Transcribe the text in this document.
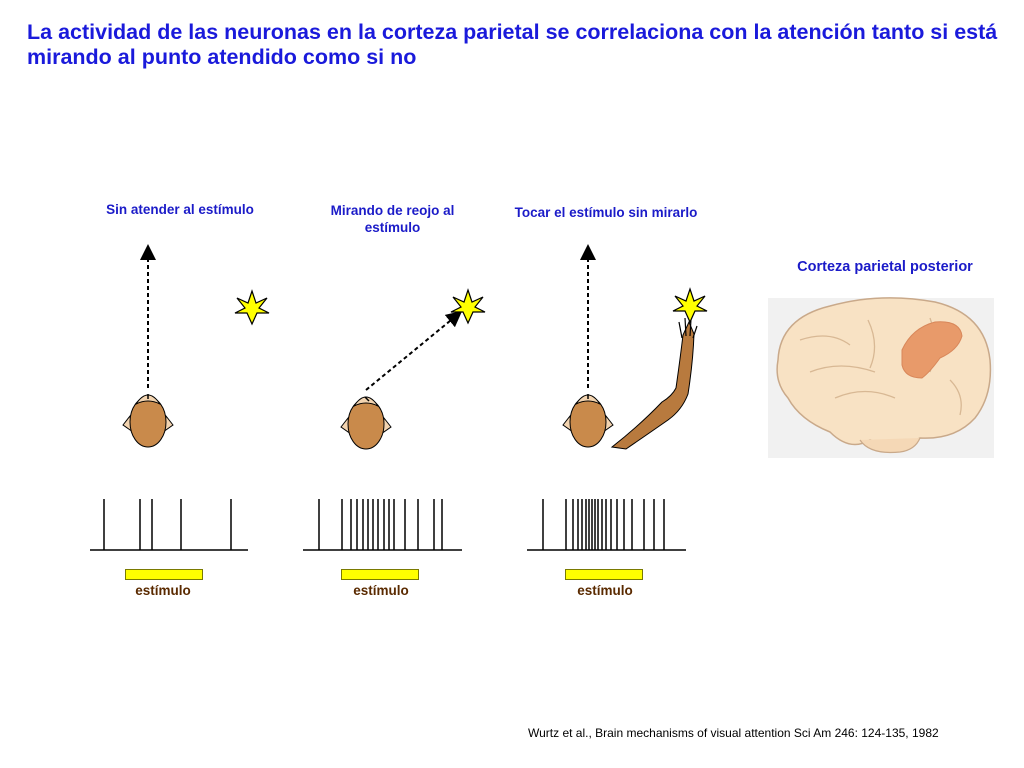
La actividad de las neuronas en la corteza parietal se correlaciona con la atención tanto si está mirando al punto atendido como si no
Sin atender al estímulo	Mirando de reojo al estímulo
Tocar el estímulo sin mirarlo
estímulo	estímulo	estímulo
Corteza parietal posterior
Wurtz et al., Brain mechanisms of visual attention Sci Am 246: 124-135, 1982
